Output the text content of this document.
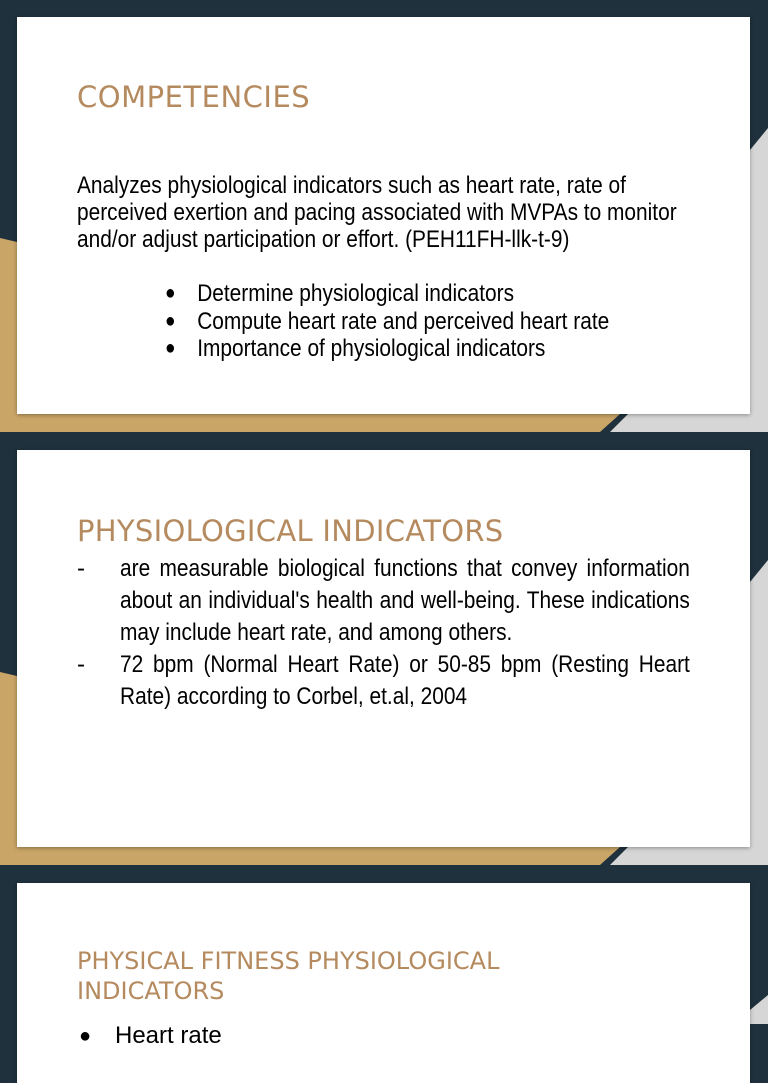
COMPETENCIES

Analyzes physiological indicators such as heart rate, rate of perceived exertion and pacing associated with MVPAs to monitor and/or adjust participation or effort. (PEH11FH-llk-t-9)

● Determine physiological indicators
● Compute heart rate and perceived heart rate
● Importance of physiological indicators
PHYSIOLOGICAL INDICATORS
- are measurable biological functions that convey information about an individual's health and well-being. These indications may include heart rate, and among others.
- 72 bpm (Normal Heart Rate) or 50-85 bpm (Resting Heart Rate) according to Corbel, et.al, 2004
PHYSICAL FITNESS PHYSIOLOGICAL INDICATORS
● Heart rate
